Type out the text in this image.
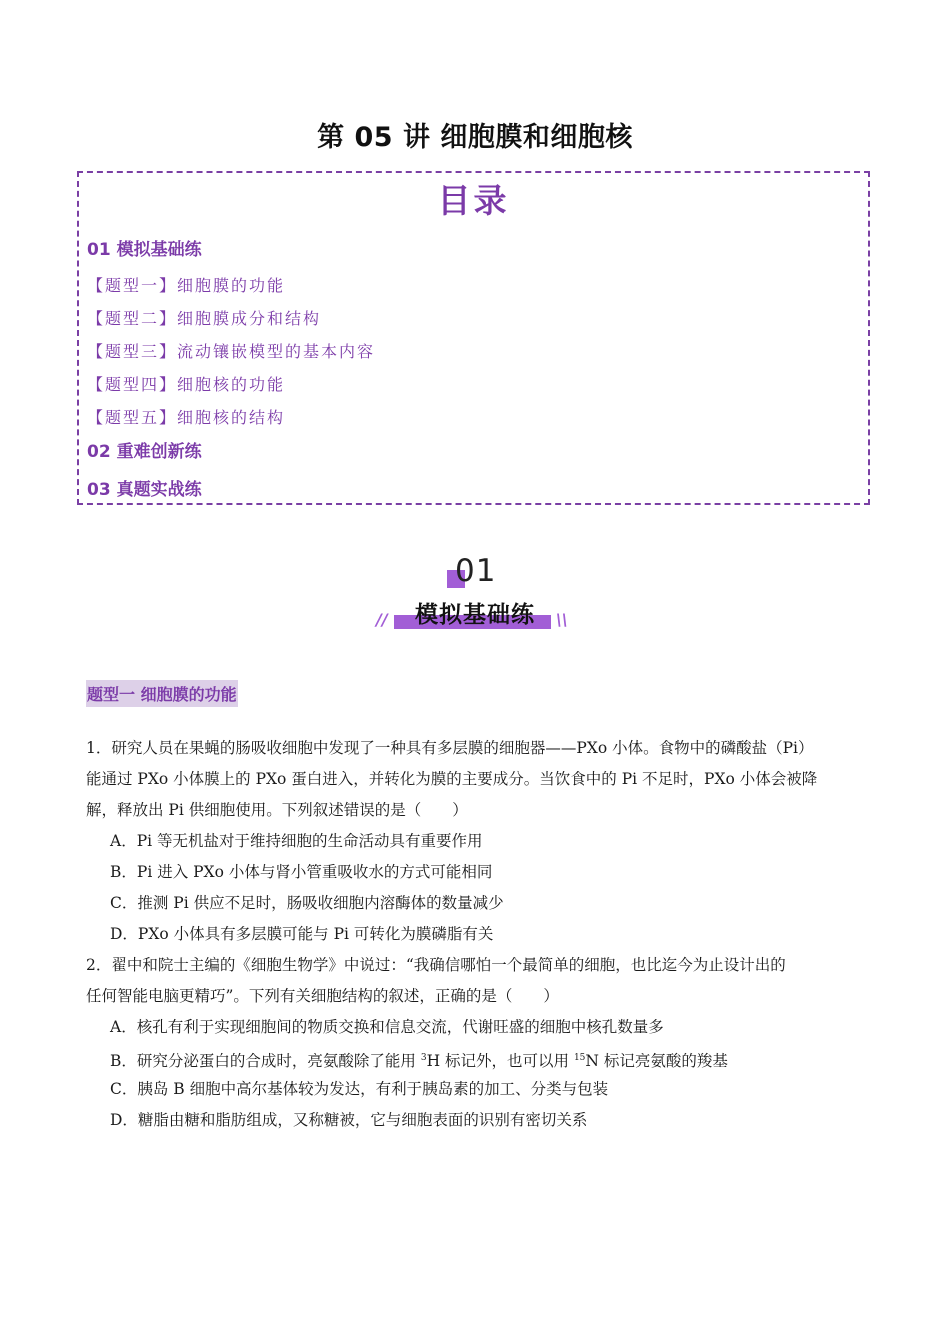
第 05 讲 细胞膜和细胞核
目录
01 模拟基础练
【题型一】细胞膜的功能
【题型二】细胞膜成分和结构
【题型三】流动镶嵌模型的基本内容
【题型四】细胞核的功能
【题型五】细胞核的结构
02 重难创新练
03 真题实战练
01
模拟基础练
//	\\
题型一 细胞膜的功能
1．研究人员在果蝇的肠吸收细胞中发现了一种具有多层膜的细胞器——PXo 小体。食物中的磷酸盐（Pi）
能通过 PXo 小体膜上的 PXo 蛋白进入，并转化为膜的主要成分。当饮食中的 Pi 不足时，PXo 小体会被降
解，释放出 Pi 供细胞使用。下列叙述错误的是（　　）
A．Pi 等无机盐对于维持细胞的生命活动具有重要作用
B．Pi 进入 PXo 小体与肾小管重吸收水的方式可能相同
C．推测 Pi 供应不足时，肠吸收细胞内溶酶体的数量减少
D．PXo 小体具有多层膜可能与 Pi 可转化为膜磷脂有关
2．翟中和院士主编的《细胞生物学》中说过：“我确信哪怕一个最简单的细胞，也比迄今为止设计出的
任何智能电脑更精巧”。下列有关细胞结构的叙述，正确的是（　　）
A．核孔有利于实现细胞间的物质交换和信息交流，代谢旺盛的细胞中核孔数量多
B．研究分泌蛋白的合成时，亮氨酸除了能用 $^3$H 标记外，也可以用 $^{15}$N 标记亮氨酸的羧基
C．胰岛 B 细胞中高尔基体较为发达，有利于胰岛素的加工、分类与包装
D．糖脂由糖和脂肪组成，又称糖被，它与细胞表面的识别有密切关系
